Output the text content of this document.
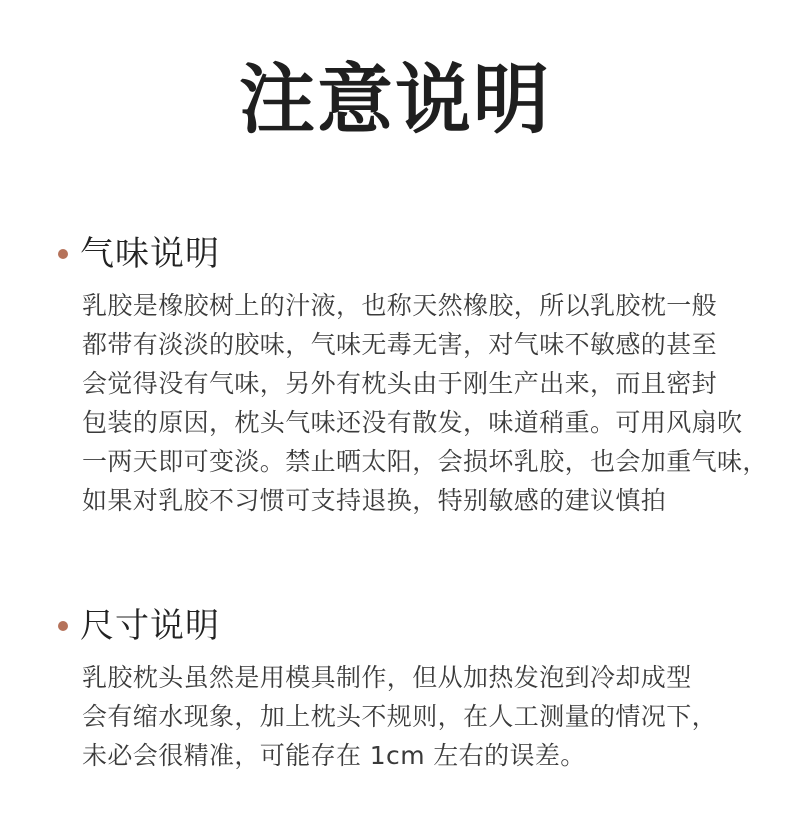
注意说明
气味说明
乳胶是橡胶树上的汁液，也称天然橡胶，所以乳胶枕一般
都带有淡淡的胶味，气味无毒无害，对气味不敏感的甚至
会觉得没有气味，另外有枕头由于刚生产出来，而且密封
包装的原因，枕头气味还没有散发，味道稍重。可用风扇吹
一两天即可变淡。禁止晒太阳，会损坏乳胶，也会加重气味，
如果对乳胶不习惯可支持退换，特别敏感的建议慎拍
尺寸说明
乳胶枕头虽然是用模具制作，但从加热发泡到冷却成型
会有缩水现象，加上枕头不规则，在人工测量的情况下，
未必会很精准，可能存在 1cm 左右的误差。
